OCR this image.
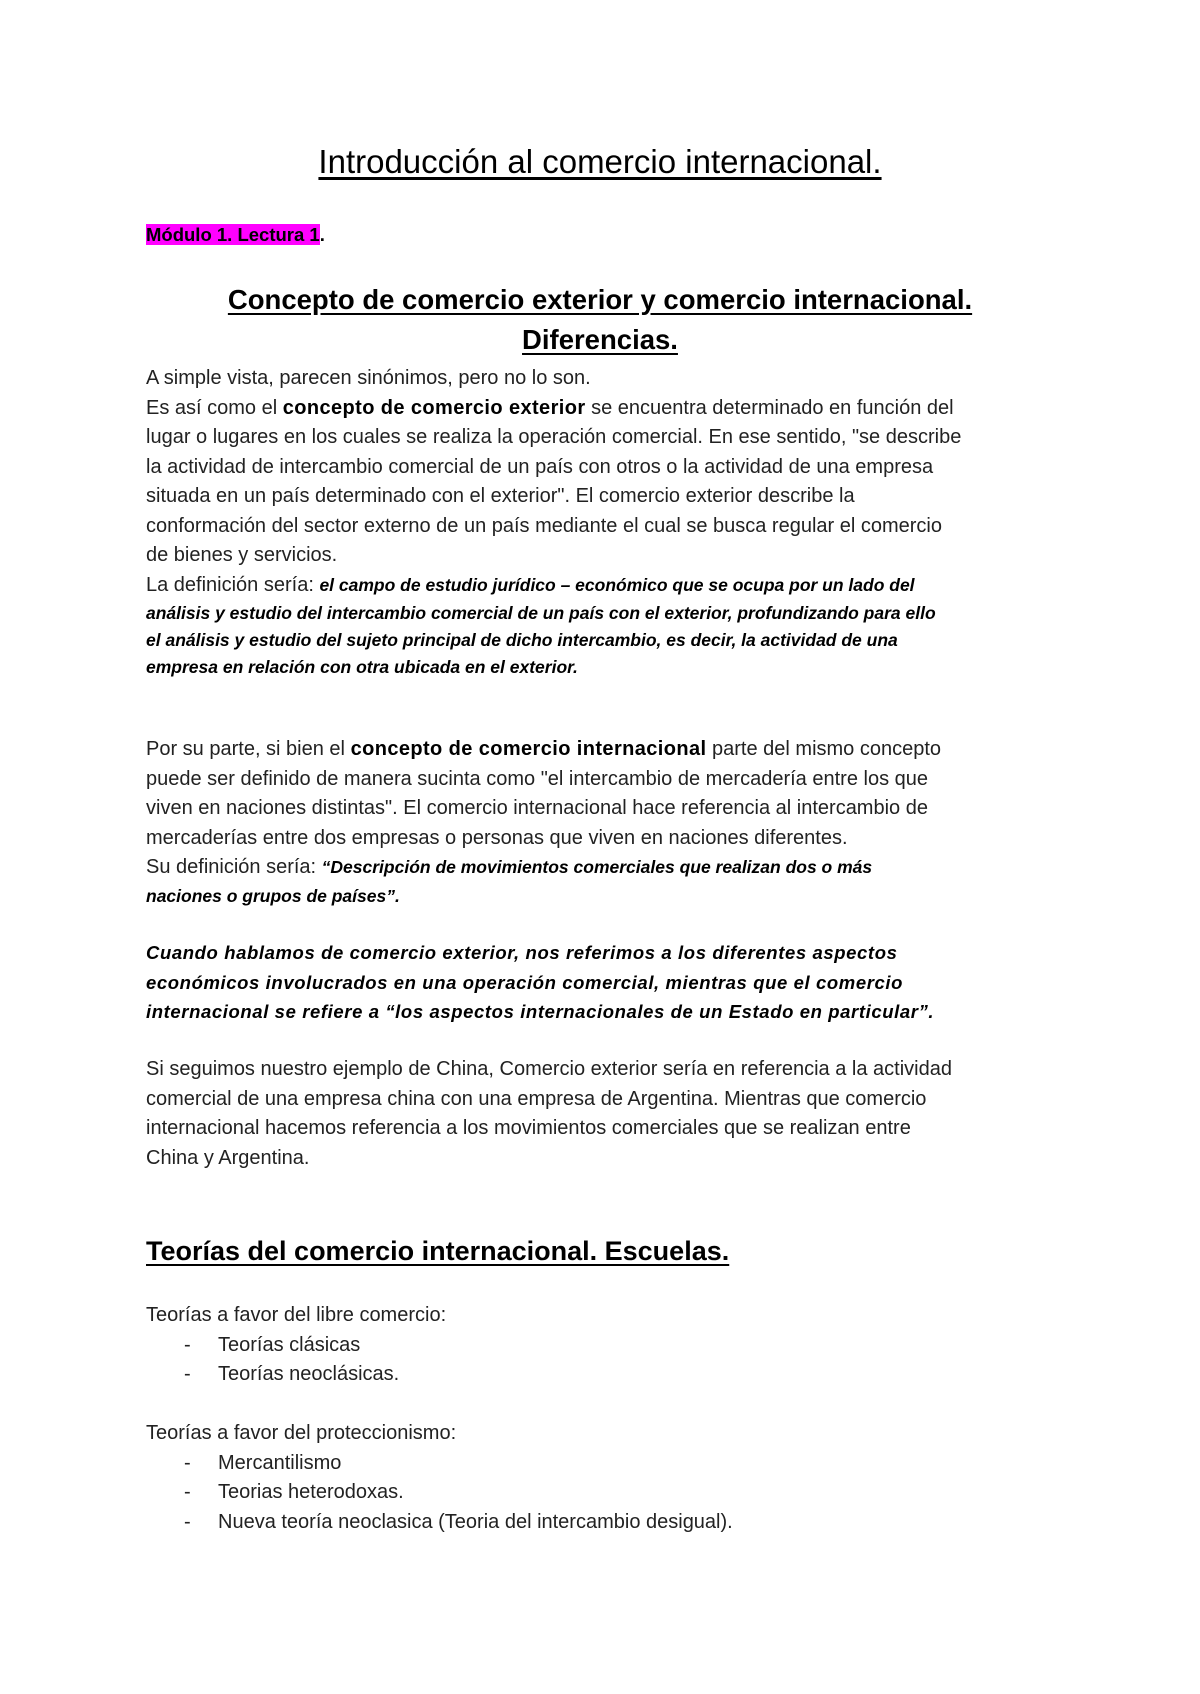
Introducción al comercio internacional.
Módulo 1. Lectura 1.
Concepto de comercio exterior y comercio internacional.
Diferencias.
A simple vista, parecen sinónimos, pero no lo son.
Es así como el concepto de comercio exterior se encuentra determinado en función del
lugar o lugares en los cuales se realiza la operación comercial. En ese sentido, "se describe
la actividad de intercambio comercial de un país con otros o la actividad de una empresa
situada en un país determinado con el exterior". El comercio exterior describe la
conformación del sector externo de un país mediante el cual se busca regular el comercio
de bienes y servicios.
La definición sería: el campo de estudio jurídico – económico que se ocupa por un lado del
análisis y estudio del intercambio comercial de un país con el exterior, profundizando para ello
el análisis y estudio del sujeto principal de dicho intercambio, es decir, la actividad de una
empresa en relación con otra ubicada en el exterior.
Por su parte, si bien el concepto de comercio internacional parte del mismo concepto
puede ser definido de manera sucinta como "el intercambio de mercadería entre los que
viven en naciones distintas". El comercio internacional hace referencia al intercambio de
mercaderías entre dos empresas o personas que viven en naciones diferentes.
Su definición sería: “Descripción de movimientos comerciales que realizan dos o más
naciones o grupos de países”.
Cuando hablamos de comercio exterior, nos referimos a los diferentes aspectos
económicos involucrados en una operación comercial, mientras que el comercio
internacional se refiere a “los aspectos internacionales de un Estado en particular”.
Si seguimos nuestro ejemplo de China, Comercio exterior sería en referencia a la actividad
comercial de una empresa china con una empresa de Argentina. Mientras que comercio
internacional hacemos referencia a los movimientos comerciales que se realizan entre
China y Argentina.
Teorías del comercio internacional. Escuelas.
Teorías a favor del libre comercio:
- Teorías clásicas
- Teorías neoclásicas.
Teorías a favor del proteccionismo:
- Mercantilismo
- Teorias heterodoxas.
- Nueva teoría neoclasica (Teoria del intercambio desigual).
